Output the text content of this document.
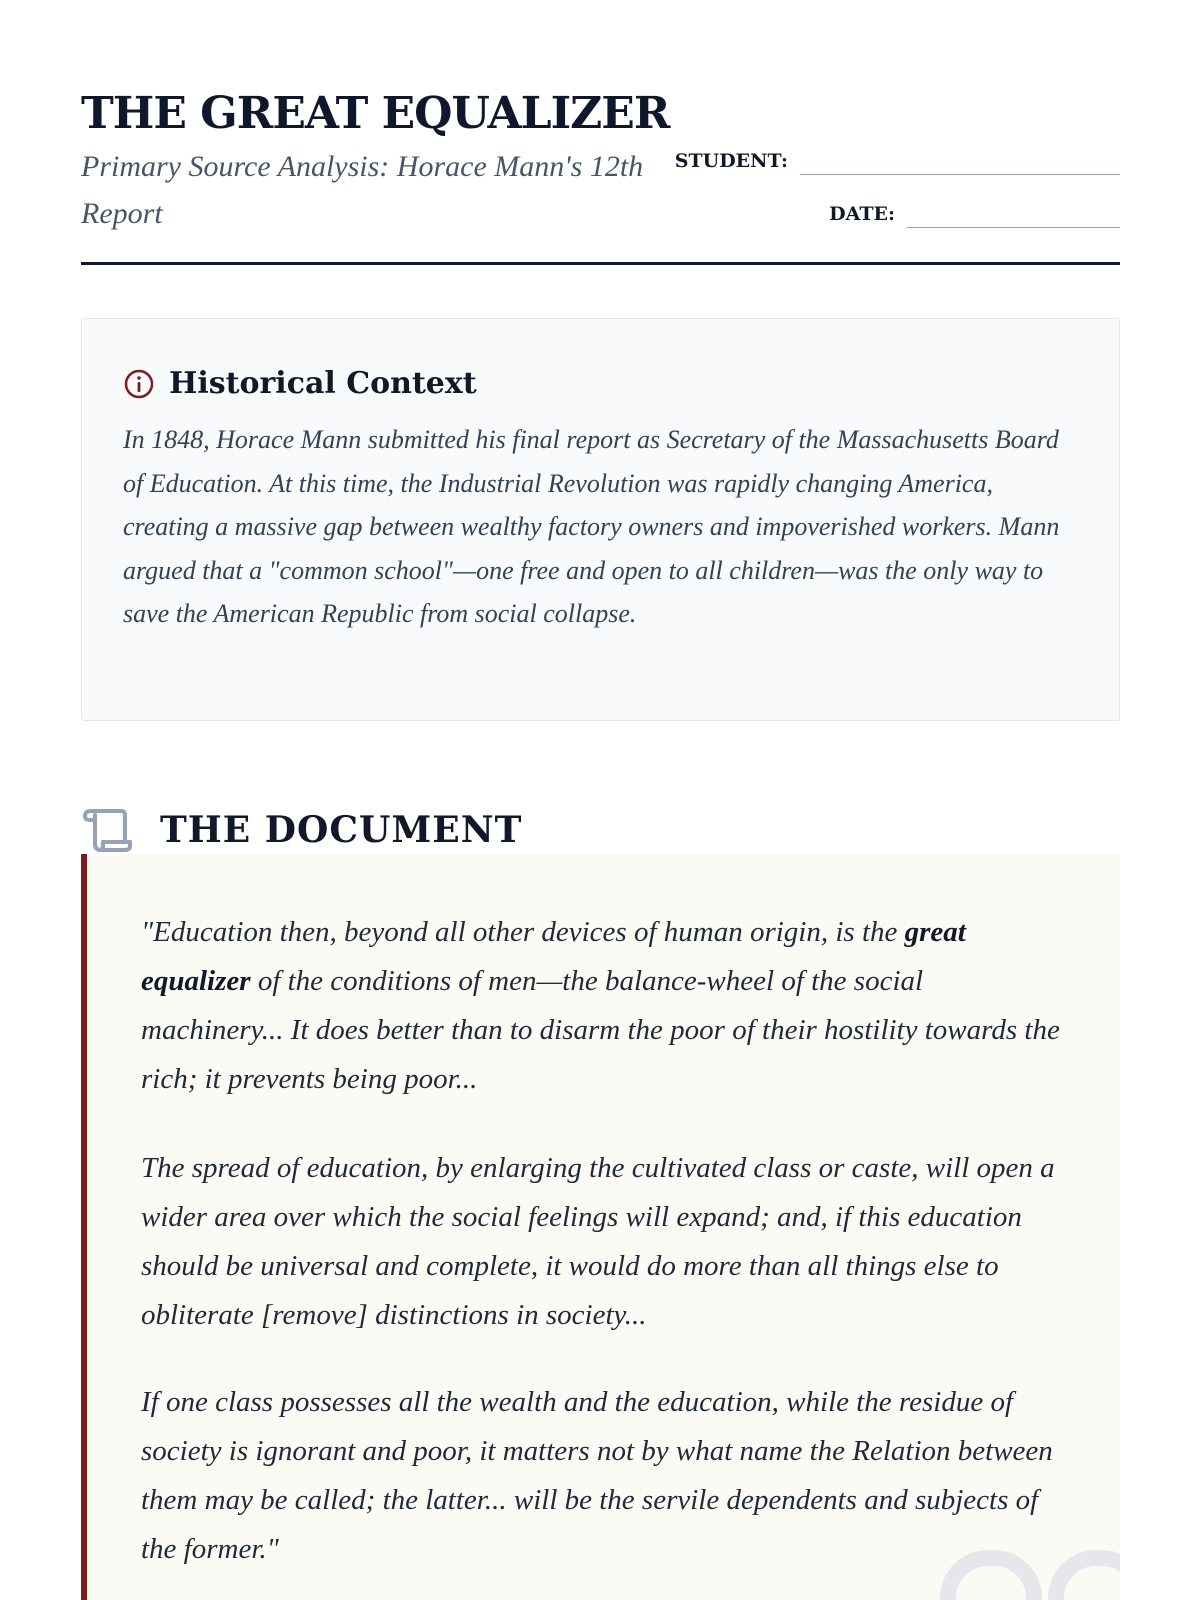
THE GREAT EQUALIZER

Primary Source Analysis: Horace Mann's 12th Report

STUDENT:
DATE:
Historical Context

In 1848, Horace Mann submitted his final report as Secretary of the Massachusetts Board of Education. At this time, the Industrial Revolution was rapidly changing America, creating a massive gap between wealthy factory owners and impoverished workers. Mann argued that a "common school"—one free and open to all children—was the only way to save the American Republic from social collapse.

THE DOCUMENT

"Education then, beyond all other devices of human origin, is the great equalizer of the conditions of men—the balance-wheel of the social machinery... It does better than to disarm the poor of their hostility towards the rich; it prevents being poor...

The spread of education, by enlarging the cultivated class or caste, will open a wider area over which the social feelings will expand; and, if this education should be universal and complete, it would do more than all things else to obliterate [remove] distinctions in society...

If one class possesses all the wealth and the education, while the residue of society is ignorant and poor, it matters not by what name the Relation between them may be called; the latter... will be the servile dependents and subjects of the former."
